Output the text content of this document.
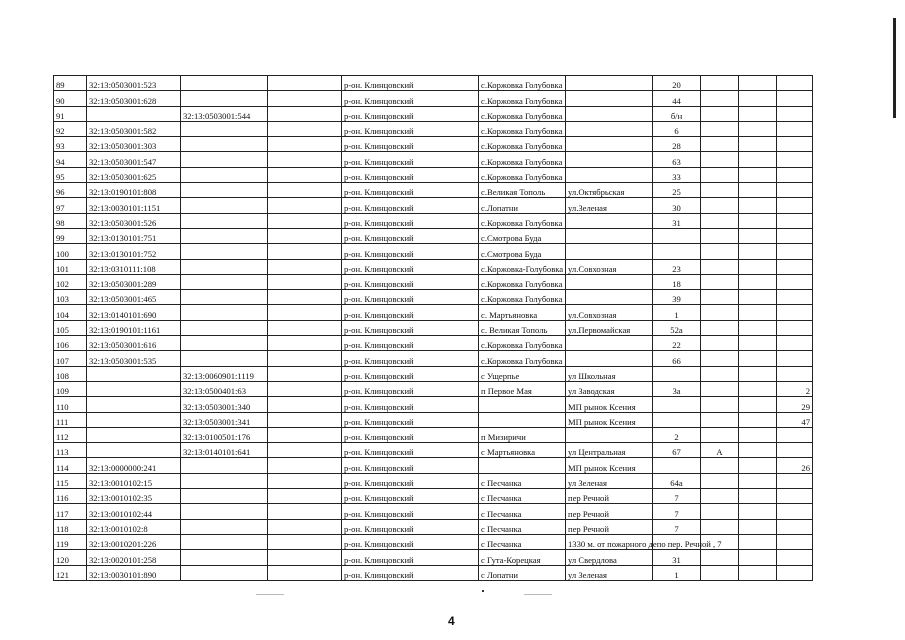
89	32:13:0503001:523			р-он. Клинцовский	с.Коржовка Голубовка		20			
90	32:13:0503001:628			р-он. Клинцовский	с.Коржовка Голубовка		44			
91		32:13:0503001:544		р-он. Клинцовский	с.Коржовка Голубовка		б/н			
92	32:13:0503001:582			р-он. Клинцовский	с.Коржовка Голубовка		6			
93	32:13:0503001:303			р-он. Клинцовский	с.Коржовка Голубовка		28			
94	32:13:0503001:547			р-он. Клинцовский	с.Коржовка Голубовка		63			
95	32:13:0503001:625			р-он. Клинцовский	с.Коржовка Голубовка		33			
96	32:13:0190101:808			р-он. Клинцовский	с.Великая Тополь	ул.Октябрьская	25			
97	32:13:0030101:1151			р-он. Клинцовский	с.Лопатни	ул.Зеленая	30			
98	32:13:0503001:526			р-он. Клинцовский	с.Коржовка Голубовка		31			
99	32:13:0130101:751			р-он. Клинцовский	с.Смотрова Буда					
100	32:13:0130101:752			р-он. Клинцовский	с.Смотрова Буда					
101	32:13:0310111:108			р-он. Клинцовский	с.Коржовка-Голубовка	ул.Совхозная	23			
102	32:13:0503001:289			р-он. Клинцовский	с.Коржовка Голубовка		18			
103	32:13:0503001:465			р-он. Клинцовский	с.Коржовка Голубовка		39			
104	32:13:0140101:690			р-он. Клинцовский	с. Мартьяновка	ул.Совхозная	1			
105	32:13:0190101:1161			р-он. Клинцовский	с. Великая Тополь	ул.Первомайская	52а			
106	32:13:0503001:616			р-он. Клинцовский	с.Коржовка Голубовка		22			
107	32:13:0503001:535			р-он. Клинцовский	с.Коржовка Голубовка		66			
108		32:13:0060901:1119		р-он. Клинцовский	с Ущерпье	ул Школьная				
109		32:13:0500401:63		р-он. Клинцовский	п Первое Мая	ул Заводская	3а			2
110		32:13:0503001:340		р-он. Клинцовский		МП рынок Ксения				29
111		32:13:0503001:341		р-он. Клинцовский		МП рынок Ксения				47
112		32:13:0100501:176		р-он. Клинцовский	п Мизиричи		2			
113		32:13:0140101:641		р-он. Клинцовский	с Мартьяновка	ул Центральная	67	А		
114	32:13:0000000:241			р-он. Клинцовский		МП рынок Ксения				26
115	32:13:0010102:15			р-он. Клинцовский	с Песчанка	ул Зеленая	64а			
116	32:13:0010102:35			р-он. Клинцовский	с Песчанка	пер Речной	7			
117	32:13:0010102:44			р-он. Клинцовский	с Песчанка	пер Речной	7			
118	32:13:0010102:8			р-он. Клинцовский	с Песчанка	пер Речной	7			
119	32:13:0010201:226			р-он. Клинцовский	с Песчанка	1330 м. от пожарного депо пер. Речной , 7				
120	32:13:0020101:258			р-он. Клинцовский	с Гута-Корецкая	ул Свердлова	31			
121	32:13:0030101:890			р-он. Клинцовский	с Лопатни	ул Зеленая	1			
4
